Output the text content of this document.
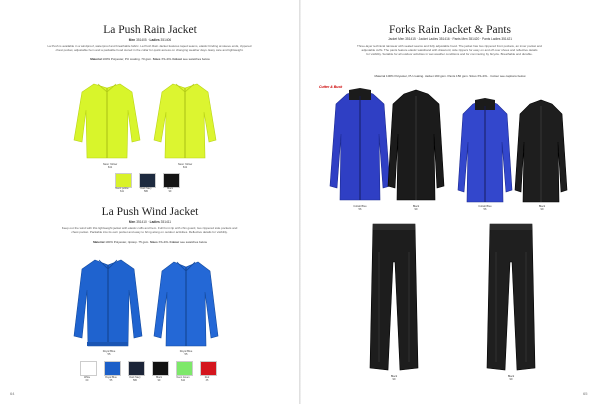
La Push Rain Jacket
Men 351405 · Ladies 351406
La Push is available in a windproof, waterproof and breathable fabric. La Push Rain Jacket features taped seams, elastic binding at sleeve ends, zippered
chest pocket, adjustable hem and a packable hood stored in the collar for quick access on changing weather days. Easy care and lightweight.
Material 100% Polyester, PU coating. 70 gsm. Sizes XS-4XL Colour see swatches below
Neon Yellow
641
Neon Yellow
641
Neon yellow
641
Dark Navy
580
Black
99
La Push Wind Jacket
Men 351410 · Ladies 351411
Keep out the wind with this lightweight jacket with elastic cuffs and hem. Full front zip with chin guard, two zippered side pockets and
chest pocket. Packable into its own pocket and easy to bring along on outdoor activities. Reflective details for visibility.
Material 100% Polyester, ripstop. 75 gsm. Sizes XS-4XL Colour see swatches below
Royal Blue
55
Royal Blue
55
White
00
Royal Blue
55
Dark Navy
580
Black
99
Neon Green
644
Red
35
64
Forks Rain Jacket & Pants
Jacket Men 351415 · Jacket Ladies 351416 · Pants Men 351420 · Pants Ladies 351421
Three-layer technical rainwear with sealed seams and fully adjustable hood. The jacket has two zippered front pockets, an inner pocket and
adjustable cuffs. The pants feature elastic waistband with drawcord, side zippers for easy on and off over shoes and reflective details
for visibility. Suitable for all outdoor activities in wet weather conditions and for commuting by bicycle. Breathable and durable.
Material 100% Polyester, PU coating. Jacket 190 gsm. Pants 150 gsm. Sizes XS-4XL · Colour see captions below
Cutter & Buck
Cobalt Blue
56
Black
99
Cobalt Blue
56
Black
99
Black
99
Black
99
65
